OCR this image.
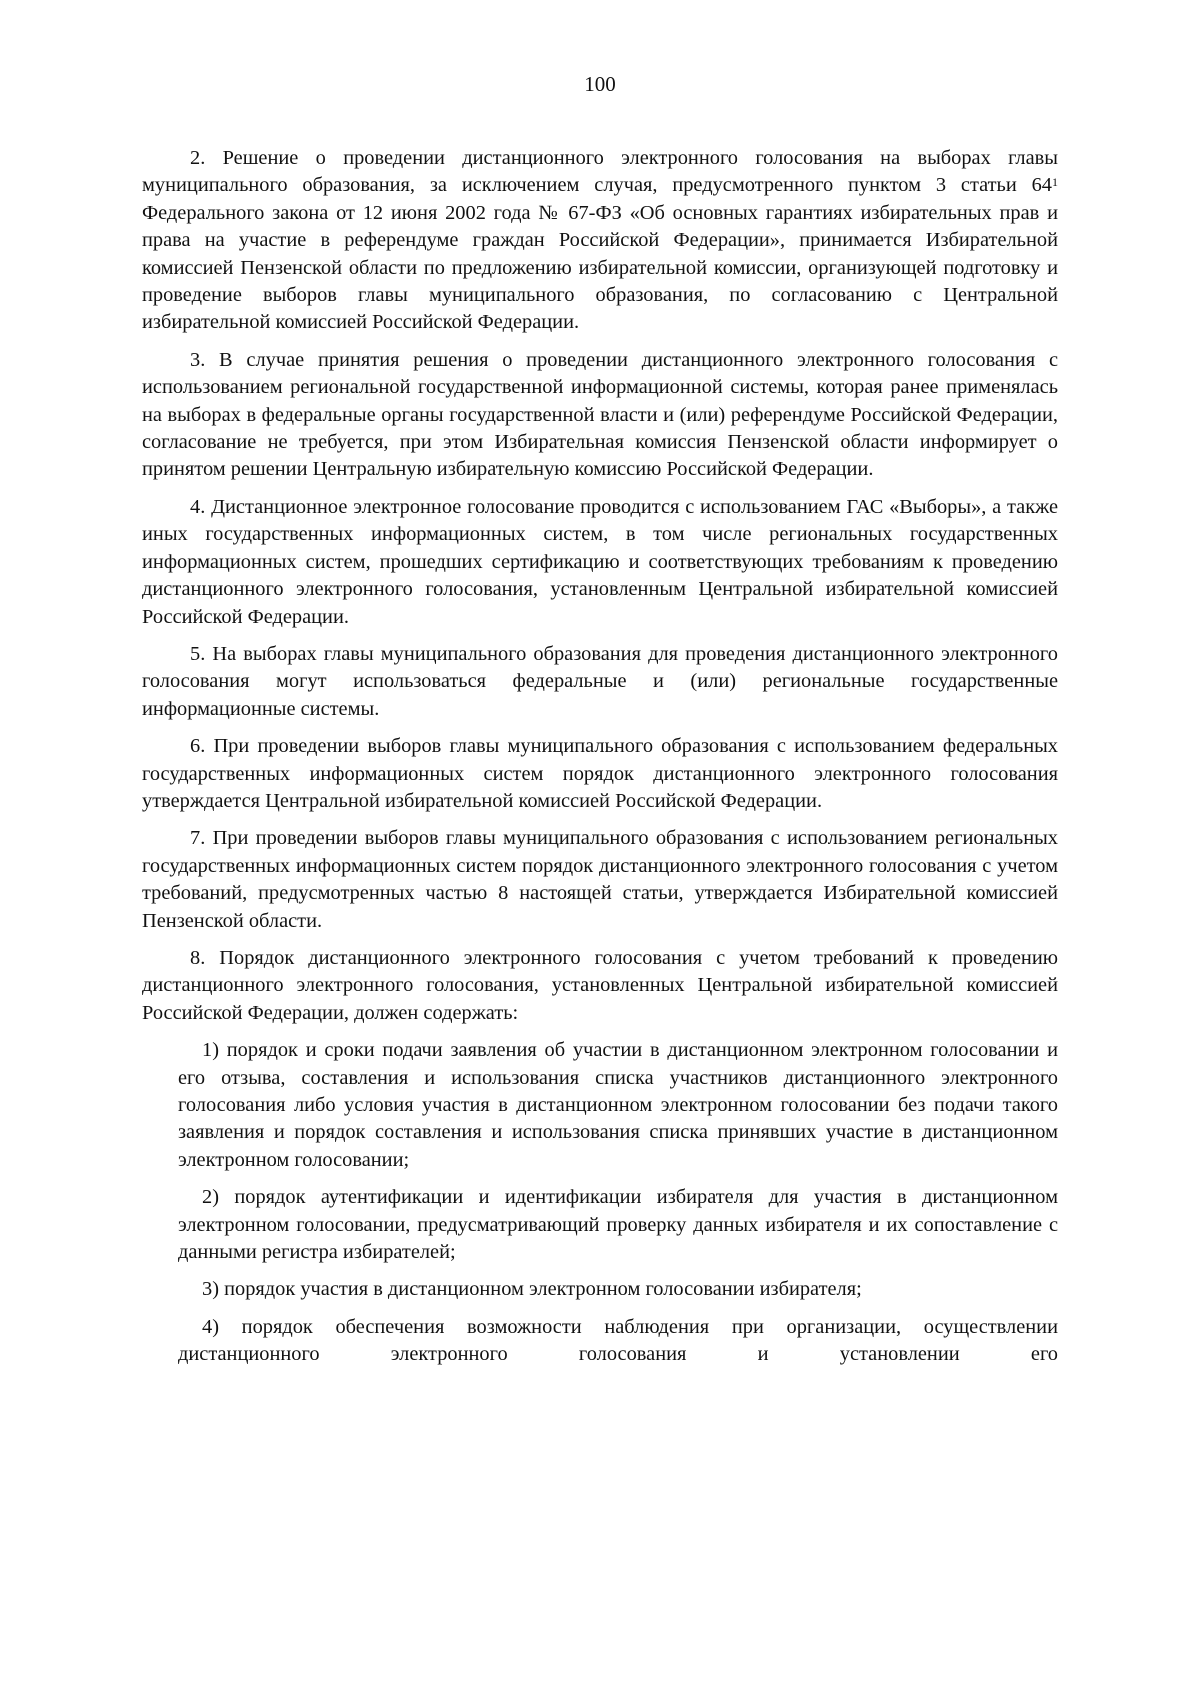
100

2. Решение о проведении дистанционного электронного голосования на выборах главы муниципального образования, за исключением случая, предусмотренного пунктом 3 статьи $64^1$ Федерального закона от 12 июня 2002 года № 67-ФЗ «Об основных гарантиях избирательных прав и права на участие в референдуме граждан Российской Федерации», принимается Избирательной комиссией Пензенской области по предложению избирательной комиссии, организующей подготовку и проведение выборов главы муниципального образования, по согласованию с Центральной избирательной комиссией Российской Федерации.

3. В случае принятия решения о проведении дистанционного электронного голосования с использованием региональной государственной информационной системы, которая ранее применялась на выборах в федеральные органы государственной власти и (или) референдуме Российской Федерации, согласование не требуется, при этом Избирательная комиссия Пензенской области информирует о принятом решении Центральную избирательную комиссию Российской Федерации.

4. Дистанционное электронное голосование проводится с использованием ГАС «Выборы», а также иных государственных информационных систем, в том числе региональных государственных информационных систем, прошедших сертификацию и соответствующих требованиям к проведению дистанционного электронного голосования, установленным Центральной избирательной комиссией Российской Федерации.

5. На выборах главы муниципального образования для проведения дистанционного электронного голосования могут использоваться федеральные и (или) региональные государственные информационные системы.

6. При проведении выборов главы муниципального образования с использованием федеральных государственных информационных систем порядок дистанционного электронного голосования утверждается Центральной избирательной комиссией Российской Федерации.

7. При проведении выборов главы муниципального образования с использованием региональных государственных информационных систем порядок дистанционного электронного голосования с учетом требований, предусмотренных частью 8 настоящей статьи, утверждается Избирательной комиссией Пензенской области.

8. Порядок дистанционного электронного голосования с учетом требований к проведению дистанционного электронного голосования, установленных Центральной избирательной комиссией Российской Федерации, должен содержать:

1) порядок и сроки подачи заявления об участии в дистанционном электронном голосовании и его отзыва, составления и использования списка участников дистанционного электронного голосования либо условия участия в дистанционном электронном голосовании без подачи такого заявления и порядок составления и использования списка принявших участие в дистанционном электронном голосовании;

2) порядок аутентификации и идентификации избирателя для участия в дистанционном электронном голосовании, предусматривающий проверку данных избирателя и их сопоставление с данными регистра избирателей;

3) порядок участия в дистанционном электронном голосовании избирателя;

4) порядок обеспечения возможности наблюдения при организации, осуществлении дистанционного электронного голосования и установлении его
